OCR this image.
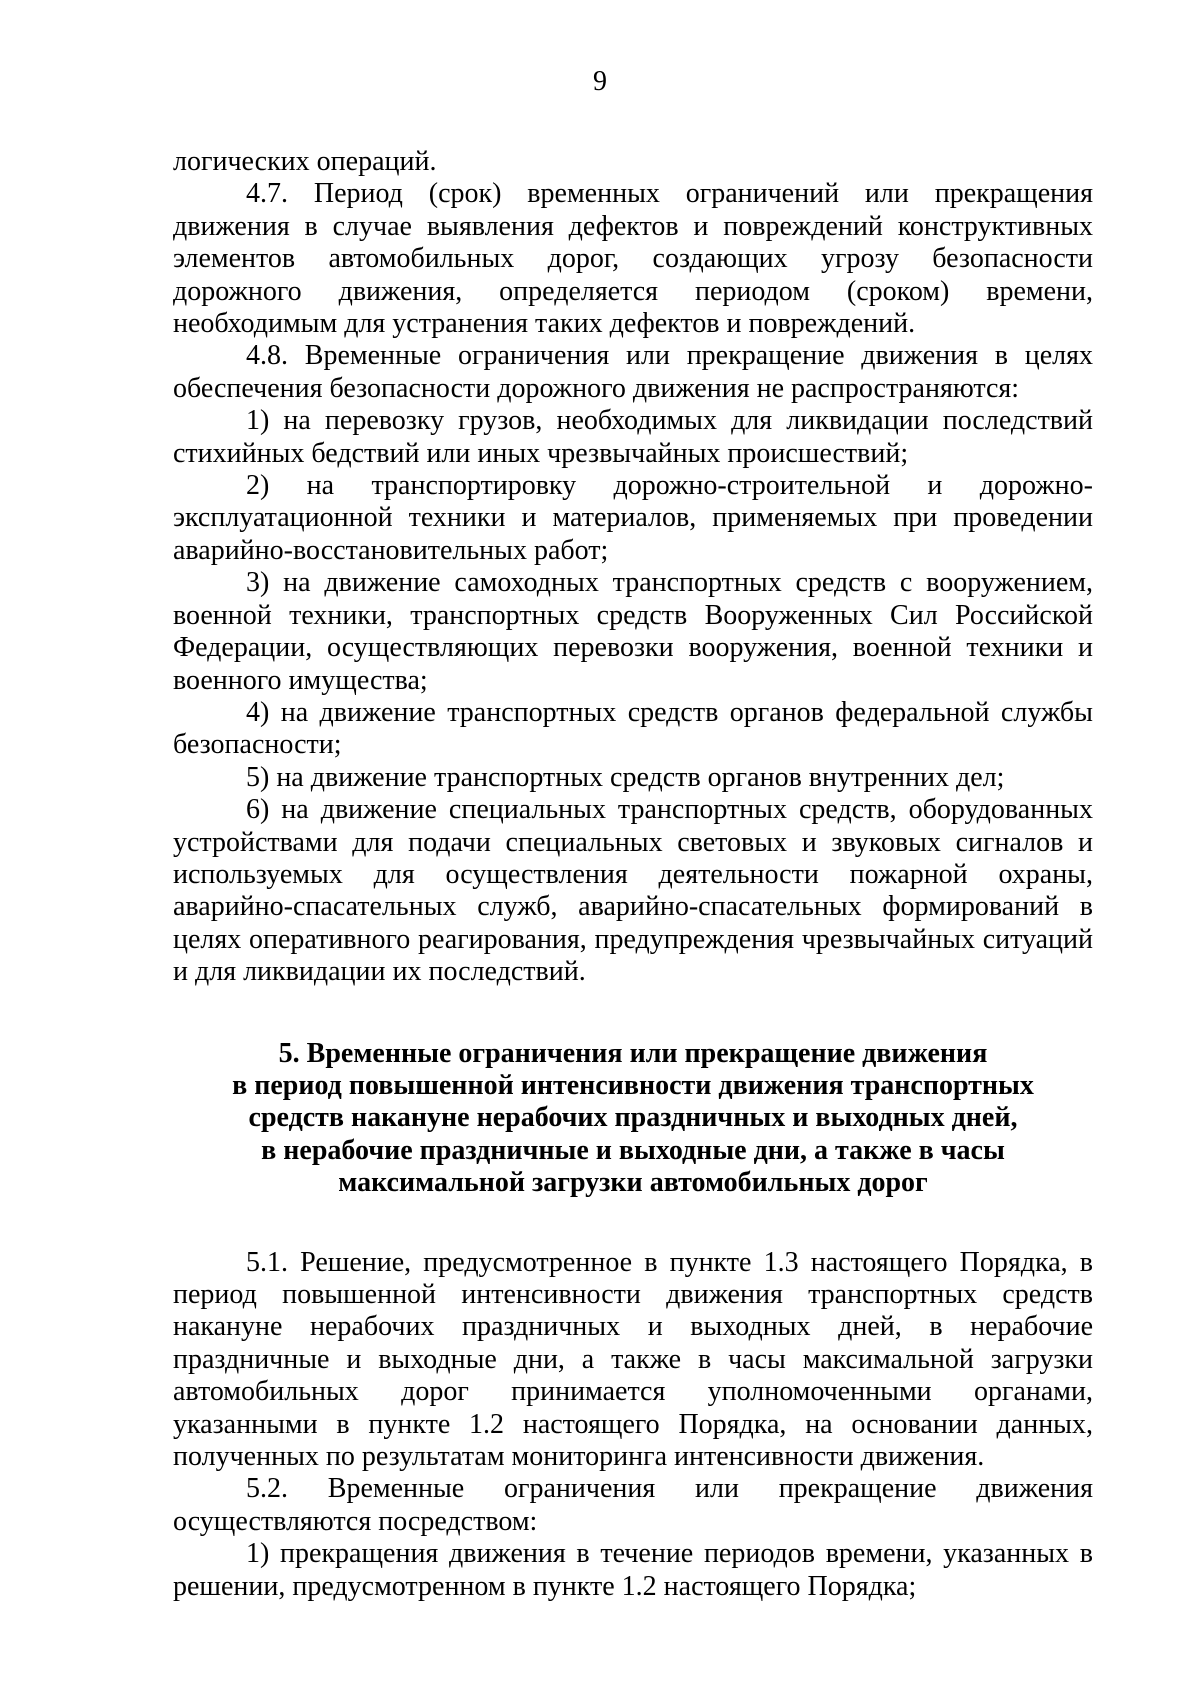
9

логических операций.

4.7. Период (срок) временных ограничений или прекращения движения в случае выявления дефектов и повреждений конструктивных элементов автомобильных дорог, создающих угрозу безопасности дорожного движения, определяется периодом (сроком) времени, необходимым для устранения таких дефектов и повреждений.

4.8. Временные ограничения или прекращение движения в целях обеспечения безопасности дорожного движения не распространяются:

1) на перевозку грузов, необходимых для ликвидации последствий стихийных бедствий или иных чрезвычайных происшествий;

2) на транспортировку дорожно-строительной и дорожно-эксплуатационной техники и материалов, применяемых при проведении аварийно-восстановительных работ;

3) на движение самоходных транспортных средств с вооружением, военной техники, транспортных средств Вооруженных Сил Российской Федерации, осуществляющих перевозки вооружения, военной техники и военного имущества;

4) на движение транспортных средств органов федеральной службы безопасности;

5) на движение транспортных средств органов внутренних дел;

6) на движение специальных транспортных средств, оборудованных устройствами для подачи специальных световых и звуковых сигналов и используемых для осуществления деятельности пожарной охраны, аварийно-спасательных служб, аварийно-спасательных формирований в целях оперативного реагирования, предупреждения чрезвычайных ситуаций и для ликвидации их последствий.

5. Временные ограничения или прекращение движения
в период повышенной интенсивности движения транспортных
средств накануне нерабочих праздничных и выходных дней,
в нерабочие праздничные и выходные дни, а также в часы
максимальной загрузки автомобильных дорог

5.1. Решение, предусмотренное в пункте 1.3 настоящего Порядка, в период повышенной интенсивности движения транспортных средств накануне нерабочих праздничных и выходных дней, в нерабочие праздничные и выходные дни, а также в часы максимальной загрузки автомобильных дорог принимается уполномоченными органами, указанными в пункте 1.2 настоящего Порядка, на основании данных, полученных по результатам мониторинга интенсивности движения.

5.2. Временные ограничения или прекращение движения осуществляются посредством:

1) прекращения движения в течение периодов времени, указанных в решении, предусмотренном в пункте 1.2 настоящего Порядка;
